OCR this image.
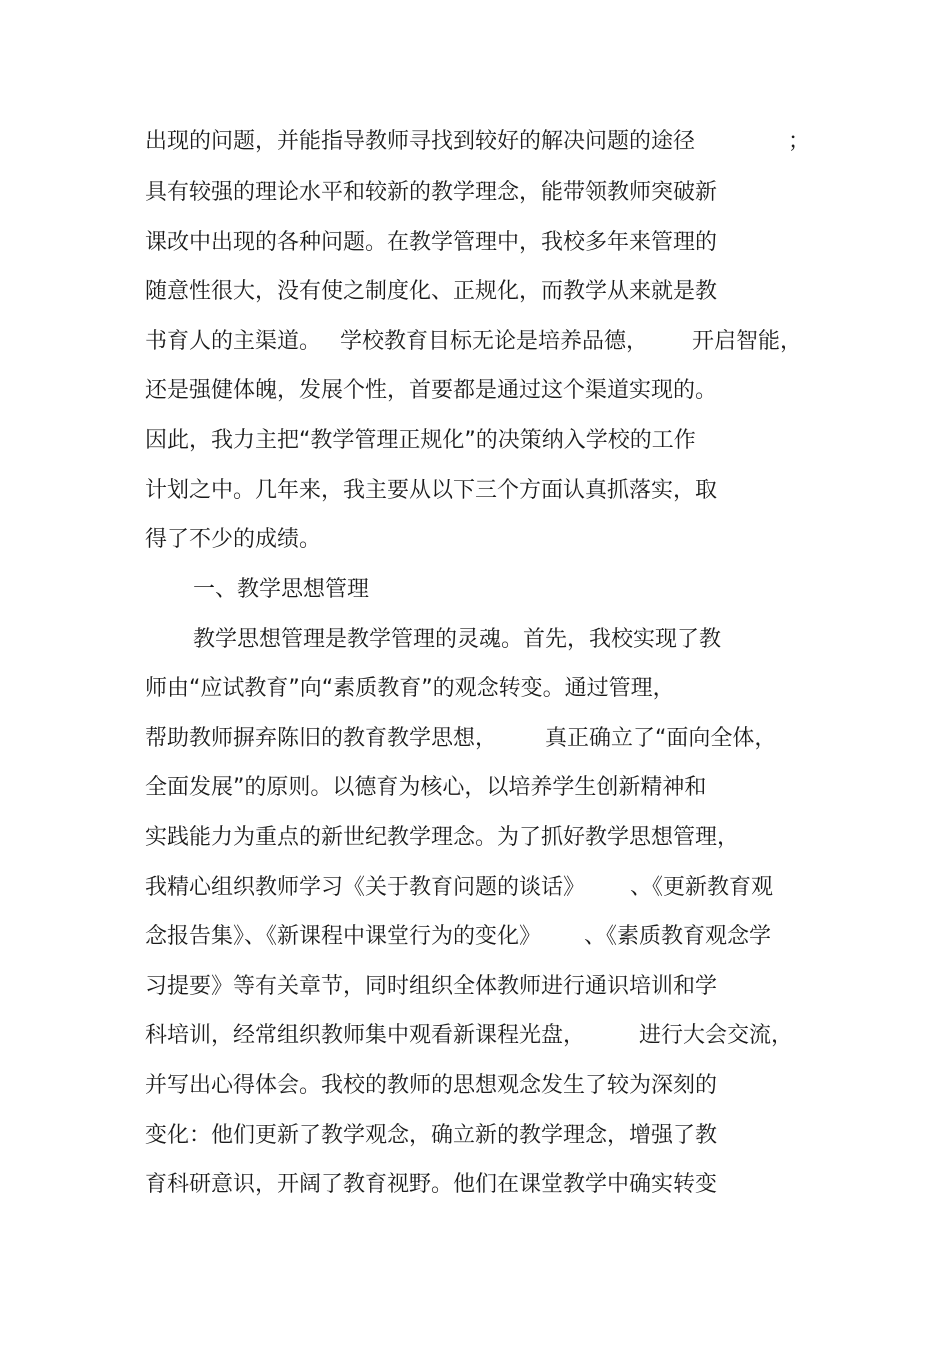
出现的问题，并能指导教师寻找到较好的解决问题的途径	；
具有较强的理论水平和较新的教学理念，能带领教师突破新
课改中出现的各种问题。在教学管理中，我校多年来管理的
随意性很大，没有使之制度化、正规化，而教学从来就是教
书育人的主渠道。 学校教育目标无论是培养品德， 开启智能，
还是强健体魄，发展个性，首要都是通过这个渠道实现的。
因此，我力主把“教学管理正规化”的决策纳入学校的工作
计划之中。几年来，我主要从以下三个方面认真抓落实，取
得了不少的成绩。
一、教学思想管理
教学思想管理是教学管理的灵魂。首先，我校实现了教
师由“应试教育”向“素质教育”的观念转变。通过管理，
帮助教师摒弃陈旧的教育教学思想， 真正确立了“面向全体，
全面发展”的原则。以德育为核心，以培养学生创新精神和
实践能力为重点的新世纪教学理念。为了抓好教学思想管理，
我精心组织教师学习《关于教育问题的谈话》 、《更新教育观
念报告集》、《新课程中课堂行为的变化》 、《素质教育观念学
习提要》等有关章节，同时组织全体教师进行通识培训和学
科培训，经常组织教师集中观看新课程光盘， 进行大会交流，
并写出心得体会。我校的教师的思想观念发生了较为深刻的
变化：他们更新了教学观念，确立新的教学理念，增强了教
育科研意识，开阔了教育视野。他们在课堂教学中确实转变
